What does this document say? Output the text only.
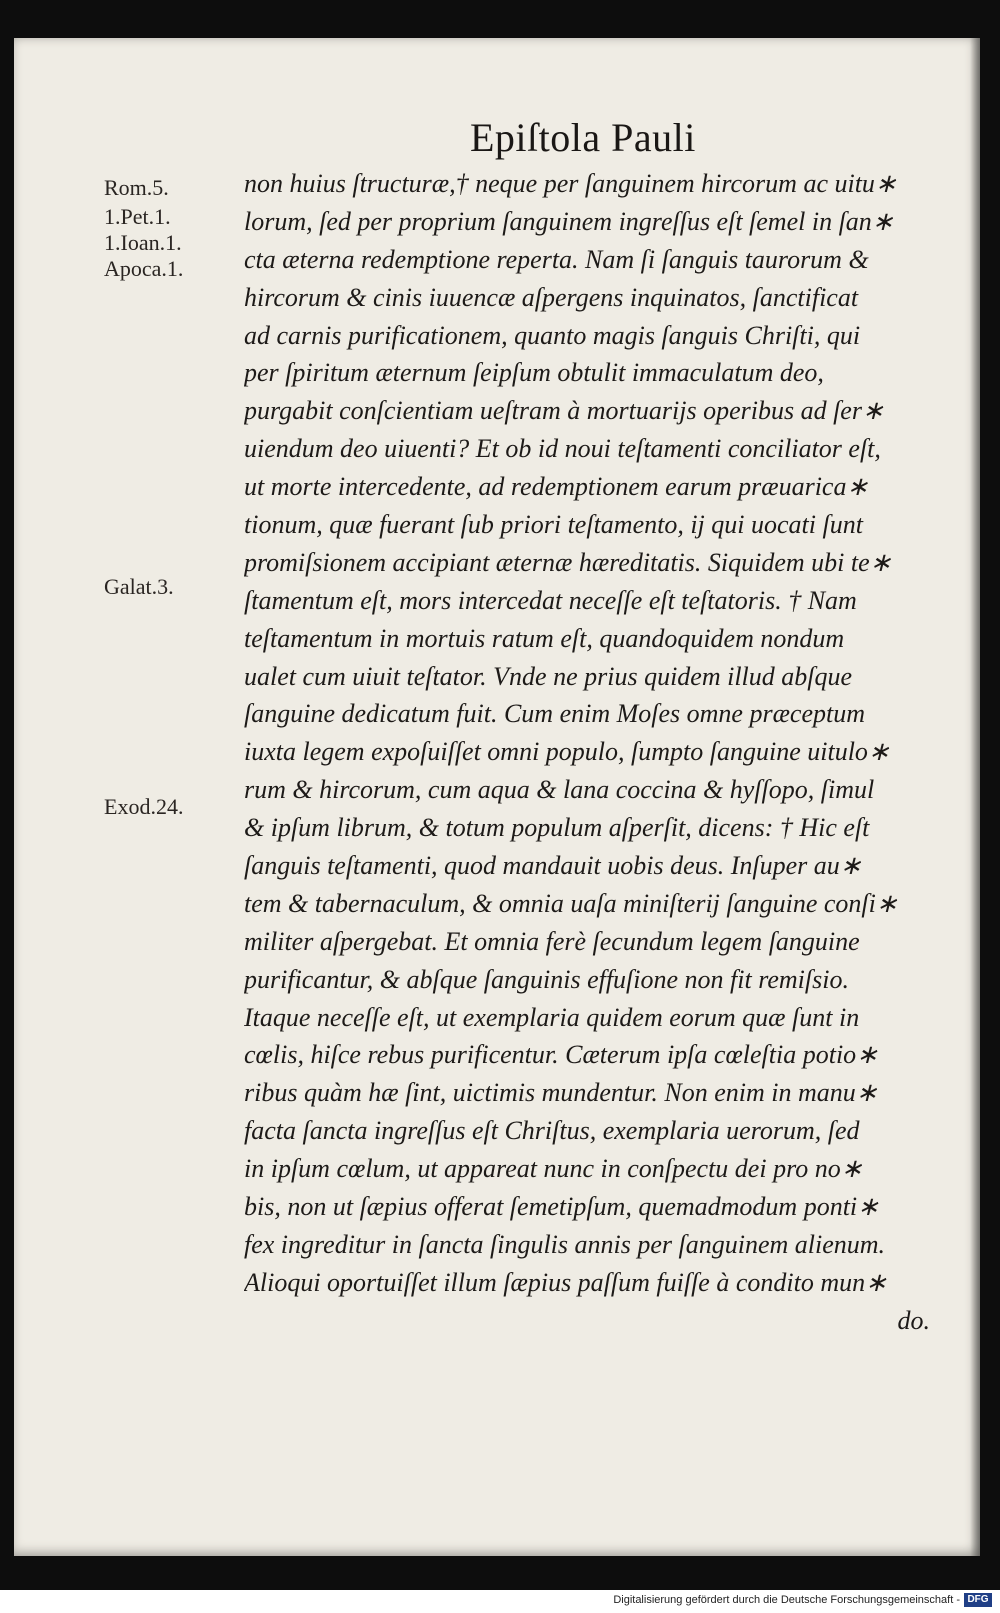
Epiſtola Pauli
Rom.5.
1.Pet.1.
1.Ioan.1.
Apoca.1.
Galat.3.
Exod.24.
non huius ſtructuræ,† neque per ſanguinem hircorum ac uitu∗
lorum, ſed per proprium ſanguinem ingreſſus eſt ſemel in ſan∗
cta æterna redemptione reperta. Nam ſi ſanguis taurorum &
hircorum & cinis iuuencæ aſpergens inquinatos, ſanctificat
ad carnis purificationem, quanto magis ſanguis Chriſti, qui
per ſpiritum æternum ſeipſum obtulit immaculatum deo,
purgabit conſcientiam ueſtram à mortuarijs operibus ad ſer∗
uiendum deo uiuenti? Et ob id noui teſtamenti conciliator eſt,
ut morte intercedente, ad redemptionem earum præuarica∗
tionum, quæ fuerant ſub priori teſtamento, ij qui uocati ſunt
promiſsionem accipiant æternæ hæreditatis. Siquidem ubi te∗
ſtamentum eſt, mors intercedat neceſſe eſt teſtatoris. † Nam
teſtamentum in mortuis ratum eſt, quandoquidem nondum
ualet cum uiuit teſtator. Vnde ne prius quidem illud abſque
ſanguine dedicatum fuit. Cum enim Moſes omne præceptum
iuxta legem expoſuiſſet omni populo, ſumpto ſanguine uitulo∗
rum & hircorum, cum aqua & lana coccina & hyſſopo, ſimul
& ipſum librum, & totum populum aſperſit, dicens: † Hic eſt
ſanguis teſtamenti, quod mandauit uobis deus. Inſuper au∗
tem & tabernaculum, & omnia uaſa miniſterij ſanguine conſi∗
militer aſpergebat. Et omnia ferè ſecundum legem ſanguine
purificantur, & abſque ſanguinis effuſione non fit remiſsio.
Itaque neceſſe eſt, ut exemplaria quidem eorum quæ ſunt in
cœlis, hiſce rebus purificentur. Cæterum ipſa cœleſtia potio∗
ribus quàm hæ ſint, uictimis mundentur. Non enim in manu∗
facta ſancta ingreſſus eſt Chriſtus, exemplaria uerorum, ſed
in ipſum cœlum, ut appareat nunc in conſpectu dei pro no∗
bis, non ut ſæpius offerat ſemetipſum, quemadmodum ponti∗
fex ingreditur in ſancta ſingulis annis per ſanguinem alienum.
Alioqui oportuiſſet illum ſæpius paſſum fuiſſe à condito mun∗
do.
Digitalisierung gefördert durch die Deutsche Forschungsgemeinschaft - DFG
